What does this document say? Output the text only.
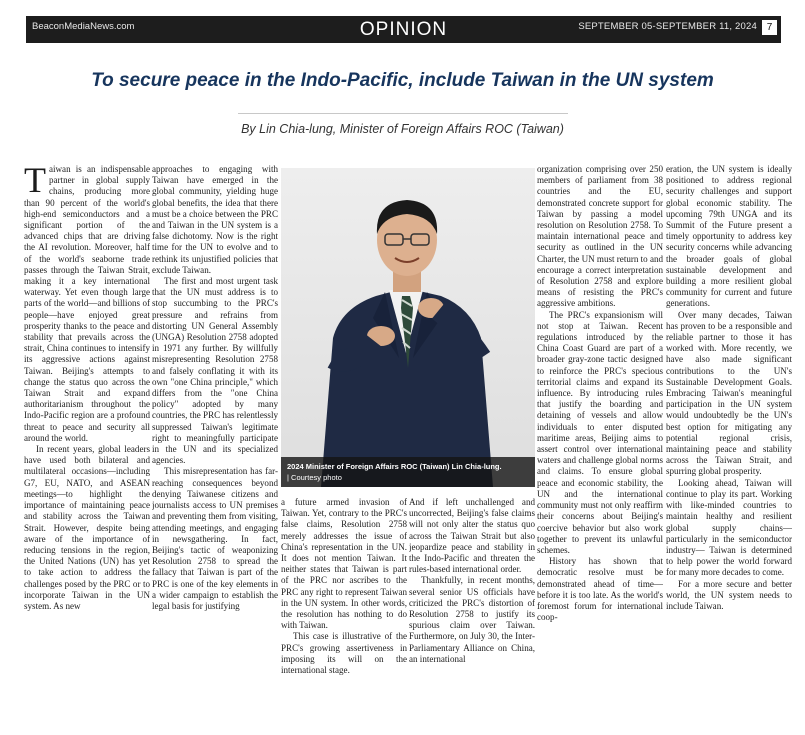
BeaconMediaNews.com	OPINION	SEPTEMBER 05-SEPTEMBER 11, 2024 7
To secure peace in the Indo-Pacific, include Taiwan in the UN system
By Lin Chia-lung, Minister of Foreign Affairs ROC (Taiwan)

Taiwan is an indispensable partner in global supply chains, producing more than 90 percent of the world's high-end semiconductors and a significant portion of the advanced chips that are driving the AI revolution. Moreover, half of the world's seaborne trade passes through the Taiwan Strait, making it a key international waterway. Yet even though large parts of the world—and billions of people—have enjoyed great prosperity thanks to the peace and stability that prevails across the strait, China continues to intensify its aggressive actions against Taiwan. Beijing's attempts to change the status quo across the Taiwan Strait and expand authoritarianism throughout the Indo-Pacific region are a profound threat to peace and security all around the world.

In recent years, global leaders have used both bilateral and multilateral occasions—including G7, EU, NATO, and ASEAN meetings—to highlight the importance of maintaining peace and stability across the Taiwan Strait. However, despite being aware of the importance of reducing tensions in the region, the United Nations (UN) has yet to take action to address the challenges posed by the PRC or to incorporate Taiwan in the UN system. As new

approaches to engaging with Taiwan have emerged in the global community, yielding huge global benefits, the idea that there must be a choice between the PRC and Taiwan in the UN system is a false dichotomy. Now is the right time for the UN to evolve and to rethink its unjustified policies that exclude Taiwan.

The first and most urgent task that the UN must address is to stop succumbing to the PRC's pressure and refrains from distorting UN General Assembly (UNGA) Resolution 2758 adopted in 1971 any further. By willfully misrepresenting Resolution 2758 and falsely conflating it with its own "one China principle," which differs from the "one China policy" adopted by many countries, the PRC has relentlessly suppressed Taiwan's legitimate right to meaningfully participate in the UN and its specialized agencies.

This misrepresentation has far-reaching consequences beyond denying Taiwanese citizens and journalists access to UN premises and preventing them from visiting, attending meetings, and engaging in newsgathering. In fact, Beijing's tactic of weaponizing Resolution 2758 to spread the fallacy that Taiwan is part of the PRC is one of the key elements in a wider campaign to establish the legal basis for justifying

2024 Minister of Foreign Affairs ROC (Taiwan) Lin Chia-lung.
| Courtesy photo

a future armed invasion of Taiwan. Yet, contrary to the PRC's false claims, Resolution 2758 merely addresses the issue of China's representation in the UN. It does not mention Taiwan. It neither states that Taiwan is part of the PRC nor ascribes to the PRC any right to represent Taiwan in the UN system. In other words, the resolution has nothing to do with Taiwan.

This case is illustrative of the PRC's growing assertiveness in imposing its will on the international stage.

And if left unchallenged and uncorrected, Beijing's false claims will not only alter the status quo across the Taiwan Strait but also jeopardize peace and stability in the Indo-Pacific and threaten the rules-based international order.

Thankfully, in recent months, several senior US officials have criticized the PRC's distortion of Resolution 2758 to justify its spurious claim over Taiwan. Furthermore, on July 30, the Inter-Parliamentary Alliance on China, an international

organization comprising over 250 members of parliament from 38 countries and the EU, demonstrated concrete support for Taiwan by passing a model resolution on Resolution 2758. To maintain international peace and security as outlined in the UN Charter, the UN must return to and encourage a correct interpretation of Resolution 2758 and explore means of resisting the PRC's aggressive ambitions.

The PRC's expansionism will not stop at Taiwan. Recent regulations introduced by the China Coast Guard are part of a broader gray-zone tactic designed to reinforce the PRC's specious territorial claims and expand its influence. By introducing rules that justify the boarding and detaining of vessels and allow individuals to enter disputed maritime areas, Beijing aims to assert control over international waters and challenge global norms and claims. To ensure global peace and economic stability, the UN and the international community must not only reaffirm their concerns about Beijing's coercive behavior but also work together to prevent its unlawful schemes.

History has shown that democratic resolve must be demonstrated ahead of time—before it is too late. As the world's foremost forum for international coop-

eration, the UN system is ideally positioned to address regional security challenges and support global economic stability. The upcoming 79th UNGA and its Summit of the Future present a timely opportunity to address key security concerns while advancing the broader goals of global sustainable development and building a more resilient global community for current and future generations.

Over many decades, Taiwan has proven to be a responsible and reliable partner to those it has worked with. More recently, we have also made significant contributions to the UN's Sustainable Development Goals. Embracing Taiwan's meaningful participation in the UN system would undoubtedly be the UN's best option for mitigating any potential regional crisis, maintaining peace and stability across the Taiwan Strait, and spurring global prosperity.

Looking ahead, Taiwan will continue to play its part. Working with like-minded countries to maintain healthy and resilient global supply chains— particularly in the semiconductor industry— Taiwan is determined to help power the world forward for many more decades to come.

For a more secure and better world, the UN system needs to include Taiwan.
